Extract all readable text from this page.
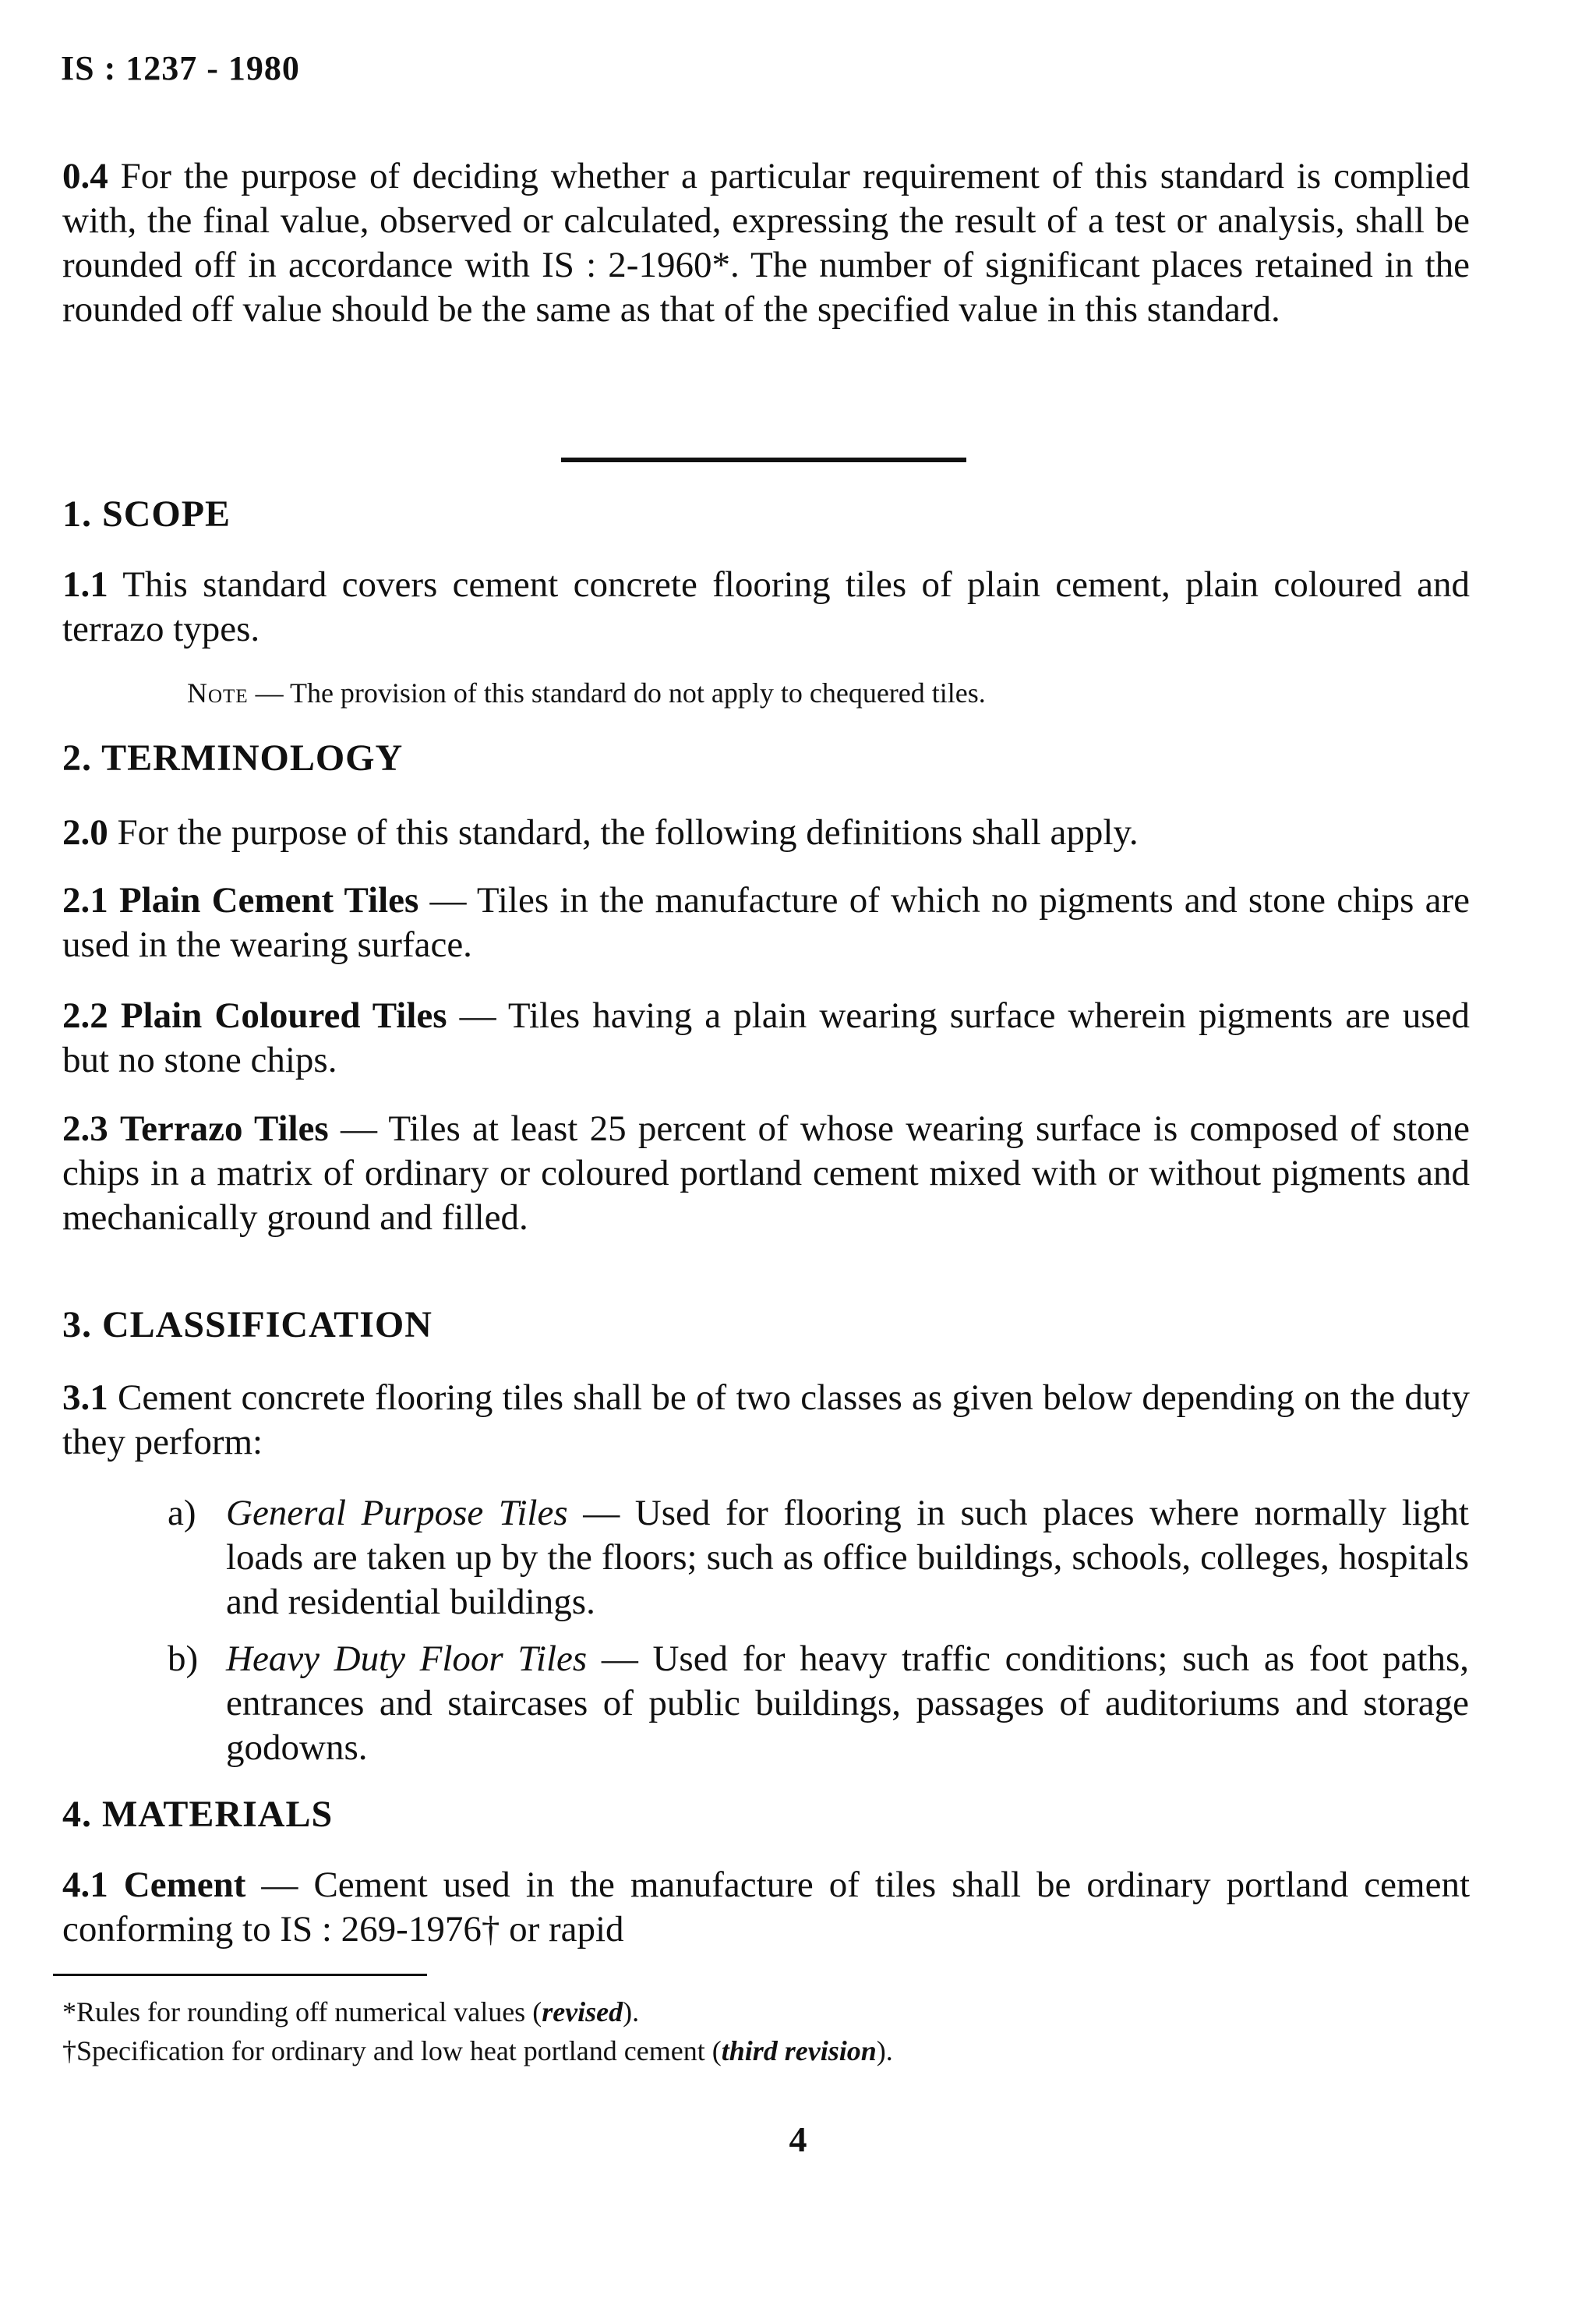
IS : 1237 - 1980
0.4 For the purpose of deciding whether a particular requirement of this standard is complied with, the final value, observed or calculated, expressing the result of a test or analysis, shall be rounded off in accordance with IS : 2-1960*. The number of significant places retained in the rounded off value should be the same as that of the specified value in this standard.
1. SCOPE
1.1 This standard covers cement concrete flooring tiles of plain cement, plain coloured and terrazo types.
Note — The provision of this standard do not apply to chequered tiles.
2. TERMINOLOGY
2.0 For the purpose of this standard, the following definitions shall apply.
2.1 Plain Cement Tiles — Tiles in the manufacture of which no pigments and stone chips are used in the wearing surface.
2.2 Plain Coloured Tiles — Tiles having a plain wearing surface wherein pigments are used but no stone chips.
2.3 Terrazo Tiles — Tiles at least 25 percent of whose wearing surface is composed of stone chips in a matrix of ordinary or coloured portland cement mixed with or without pigments and mechanically ground and filled.
3. CLASSIFICATION
3.1 Cement concrete flooring tiles shall be of two classes as given below depending on the duty they perform:
a) General Purpose Tiles — Used for flooring in such places where normally light loads are taken up by the floors; such as office buildings, schools, colleges, hospitals and residential buildings.
b) Heavy Duty Floor Tiles — Used for heavy traffic conditions; such as foot paths, entrances and staircases of public buildings, passages of auditoriums and storage godowns.
4. MATERIALS
4.1 Cement — Cement used in the manufacture of tiles shall be ordinary portland cement conforming to IS : 269-1976† or rapid
*Rules for rounding off numerical values (revised).
†Specification for ordinary and low heat portland cement (third revision).
4
